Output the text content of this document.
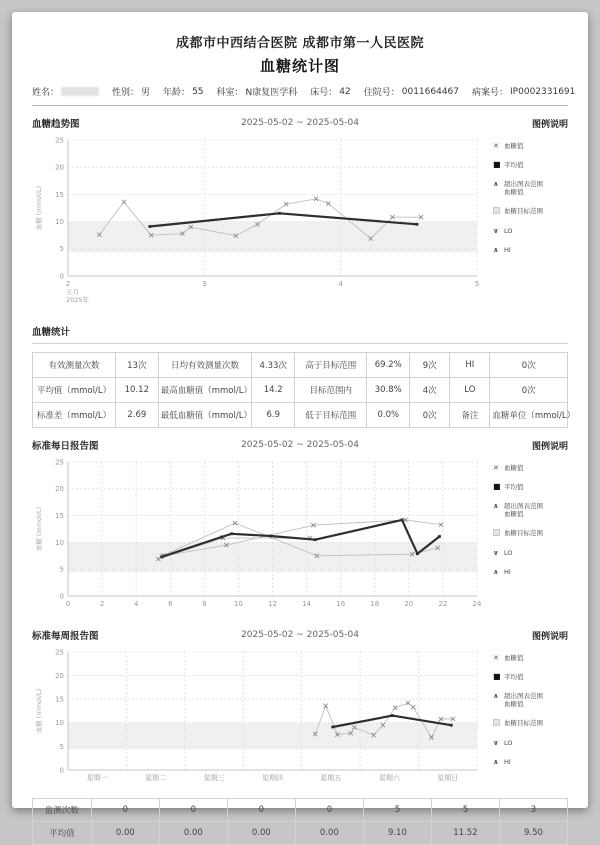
成都市中西结合医院 成都市第一人民医院
血糖统计图
姓名：	性别： 男 年龄： 55 科室： N康复医学科 床号： 42 住院号： 0011664467 病案号： IP0002331691
血糖趋势图	2025-05-02 ~ 2025-05-04	图例说明
0
5
10
15
20
25
2	3	4	5
五月
2025年
血糖 (mmol/L)
✕ 血糖值
■ 平均值
∧ 超出图表范围
血糖值
血糖目标范围
∨ LO
∧ HI
血糖统计
有效测量次数	13次	日均有效测量次数	4.33次	高于目标范围	69.2%	9次	HI	0次
平均值（mmol/L）	10.12	最高血糖值（mmol/L）	14.2	目标范围内	30.8%	4次	LO	0次
标准差（mmol/L）	2.69	最低血糖值（mmol/L）	6.9	低于目标范围	0.0%	0次	备注	血糖单位（mmol/L）
标准每日报告图	2025-05-02 ~ 2025-05-04	图例说明
0
5
10
15
20
25
0	2	4	6	8	10	12	14	16	18	20	22	24
血糖 (mmol/L)
✕ 血糖值
■ 平均值
∧ 超出图表范围
血糖值
血糖目标范围
∨ LO
∧ HI
标准每周报告图	2025-05-02 ~ 2025-05-04	图例说明
0
5
10
15
20
25
星期一	星期二	星期三	星期四	星期五	星期六	星期日
血糖 (mmol/L)
✕ 血糖值
■ 平均值
∧ 超出图表范围
血糖值
血糖目标范围
∨ LO
∧ HI
监测次数	0	0	0	0	5	5	3
平均值	0.00	0.00	0.00	0.00	9.10	11.52	9.50
